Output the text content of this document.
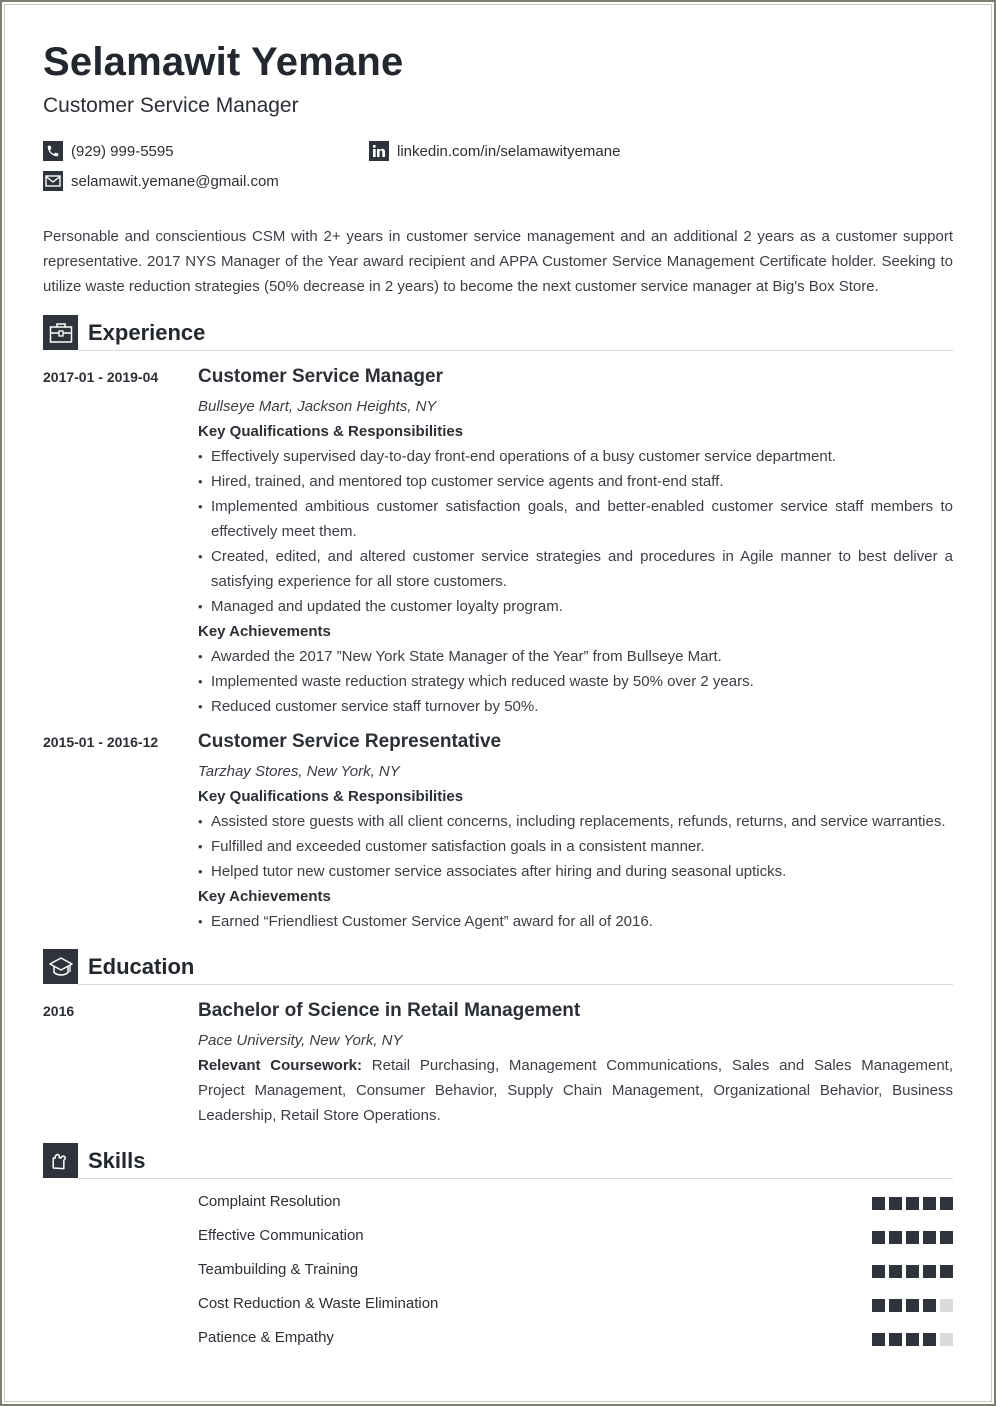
Selamawit Yemane
Customer Service Manager
(929) 999-5595	linkedin.com/in/selamawityemane
selamawit.yemane@gmail.com

Personable and conscientious CSM with 2+ years in customer service management and an additional 2 years as a customer support representative. 2017 NYS Manager of the Year award recipient and APPA Customer Service Management Certificate holder. Seeking to utilize waste reduction strategies (50% decrease in 2 years) to become the next customer service manager at Big's Box Store.

Experience
2017-01 - 2019-04 Customer Service Manager
Bullseye Mart, Jackson Heights, NY
Key Qualifications & Responsibilities
• Effectively supervised day-to-day front-end operations of a busy customer service department.
• Hired, trained, and mentored top customer service agents and front-end staff.
• Implemented ambitious customer satisfaction goals, and better-enabled customer service staff members to effectively meet them.
• Created, edited, and altered customer service strategies and procedures in Agile manner to best deliver a satisfying experience for all store customers.
• Managed and updated the customer loyalty program.
Key Achievements
• Awarded the 2017 ”New York State Manager of the Year” from Bullseye Mart.
• Implemented waste reduction strategy which reduced waste by 50% over 2 years.
• Reduced customer service staff turnover by 50%.
2015-01 - 2016-12 Customer Service Representative
Tarzhay Stores, New York, NY
Key Qualifications & Responsibilities
• Assisted store guests with all client concerns, including replacements, refunds, returns, and service warranties.
• Fulfilled and exceeded customer satisfaction goals in a consistent manner.
• Helped tutor new customer service associates after hiring and during seasonal upticks.
Key Achievements
• Earned “Friendliest Customer Service Agent” award for all of 2016.
Education
2016	Bachelor of Science in Retail Management
Pace University, New York, NY
Relevant Coursework: Retail Purchasing, Management Communications, Sales and Sales Management, Project Management, Consumer Behavior, Supply Chain Management, Organizational Behavior, Business Leadership, Retail Store Operations.
Skills
Complaint Resolution
Effective Communication
Teambuilding & Training
Cost Reduction & Waste Elimination
Patience & Empathy
